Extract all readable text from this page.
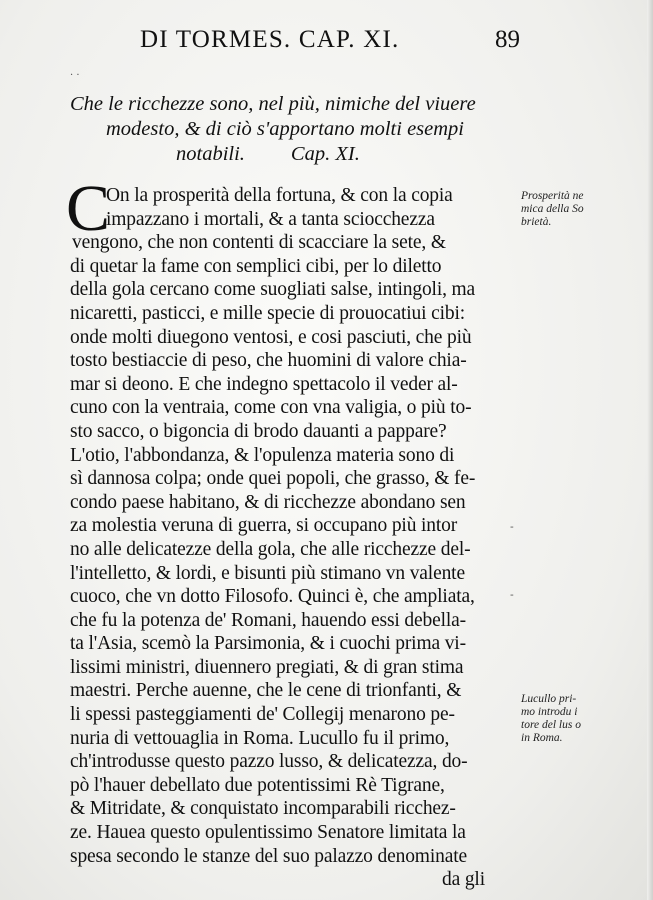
DI TORMES. CAP. XI.	89
· ·
Che le ricchezze sono, nel più, nimiche del viuere
modesto, & di ciò s'apportano molti esempi
notabili. Cap. XI.
C
On la prosperità della fortuna, & con la copia
impazzano i mortali, & a tanta sciocchezza
vengono, che non contenti di scacciare la sete, &
di quetar la fame con semplici cibi, per lo diletto
della gola cercano come suogliati salse, intingoli, ma
nicaretti, pasticci, e mille specie di prouocatiui cibi:
onde molti diuegono ventosi, e cosi pasciuti, che più
tosto bestiaccie di peso, che huomini di valore chia-
mar si deono. E che indegno spettacolo il veder al-
cuno con la ventraia, come con vna valigia, o più to-
sto sacco, o bigoncia di brodo dauanti a pappare?
L'otio, l'abbondanza, & l'opulenza materia sono di
sì dannosa colpa; onde quei popoli, che grasso, & fe-
condo paese habitano, & di ricchezze abondano sen
za molestia veruna di guerra, si occupano più intor
no alle delicatezze della gola, che alle ricchezze del-
l'intelletto, & lordi, e bisunti più stimano vn valente
cuoco, che vn dotto Filosofo. Quinci è, che ampliata,
che fu la potenza de' Romani, hauendo essi debella-
ta l'Asia, scemò la Parsimonia, & i cuochi prima vi-
lissimi ministri, diuennero pregiati, & di gran stima
maestri. Perche auenne, che le cene di trionfanti, &
li spessi pasteggiamenti de' Collegij menarono pe-
nuria di vettouaglia in Roma. Lucullo fu il primo,
ch'introdusse questo pazzo lusso, & delicatezza, do-
pò l'hauer debellato due potentissimi Rè Tigrane,
& Mitridate, & conquistato incomparabili ricchez-
ze. Hauea questo opulentissimo Senatore limitata la
spesa secondo le stanze del suo palazzo denominate
da gli
Prosperità ne
mica della So
brietà.
Lucullo pri-
mo introdu i
tore del lus o
in Roma.
-
-
